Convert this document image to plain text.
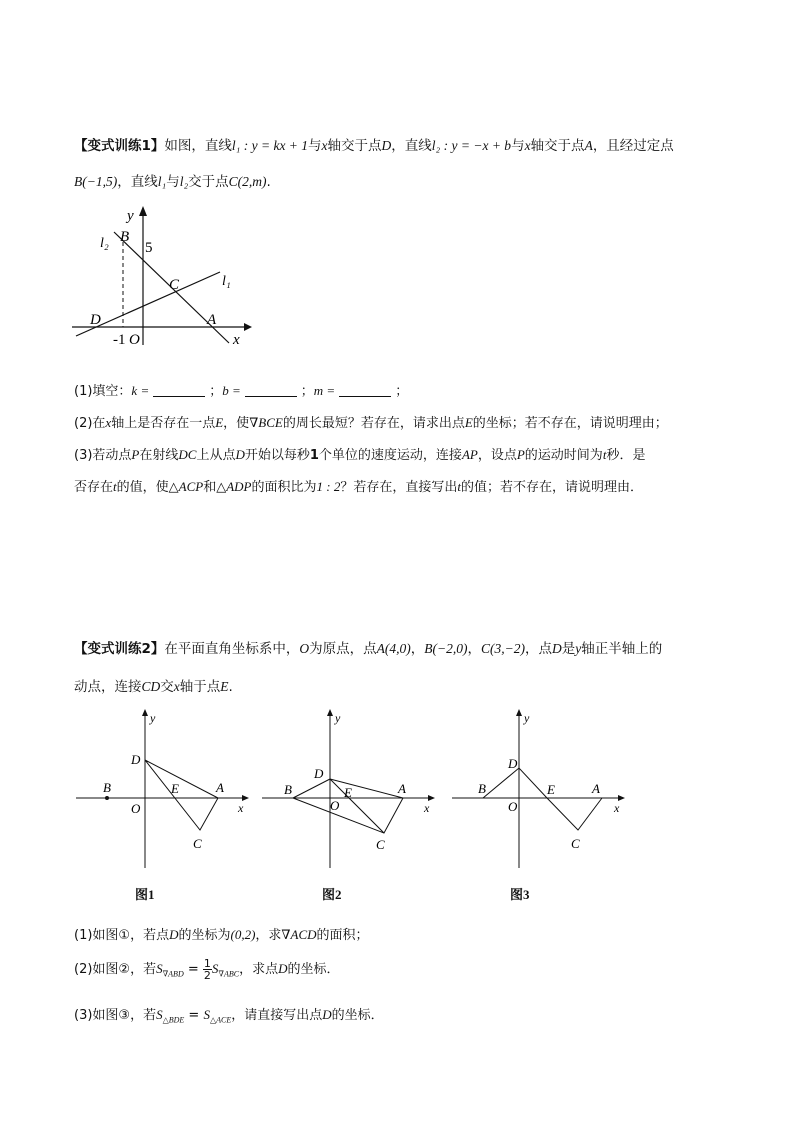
【变式训练1】如图，直线l₁ : y = kx + 1与x轴交于点D，直线l₂ : y = −x + b与x轴交于点A，且经过定点
B(−1,5)，直线l₁与l₂交于点C(2,m).
y
l₂ B
5
C	l₁
D	A
-1 O	x
(1)填空：k =	；b =	；m =	；
(2)在x轴上是否存在一点E，使∇BCE的周长最短？若存在，请求出点E的坐标；若不存在，请说明理由；
(3)若动点P在射线DC上从点D开始以每秒1个单位的速度运动，连接AP，设点P的运动时间为t秒．是
否存在t的值，使△ACP和△ADP的面积比为1 : 2？若存在，直接写出t的值；若不存在，请说明理由．
【变式训练2】在平面直角坐标系中，O为原点，点A(4,0)，B(−2,0)，C(3,−2)，点D是y轴正半轴上的
动点，连接CD交x轴于点E.
y
D
B	E	A
O	x
C
图1
y
D
B	E	A
O	x
C
图2
y
D
B	E	A
O	x
C
图3
(1)如图①，若点D的坐标为(0,2)，求∇ACD的面积；
(2)如图②，若$S_{\nabla ABD} = \frac{1}{2} S_{\nabla ABC}$，求点D的坐标．
(3)如图③，若$S_{\triangle BDE} = S_{\triangle ACE}$，请直接写出点D的坐标．
